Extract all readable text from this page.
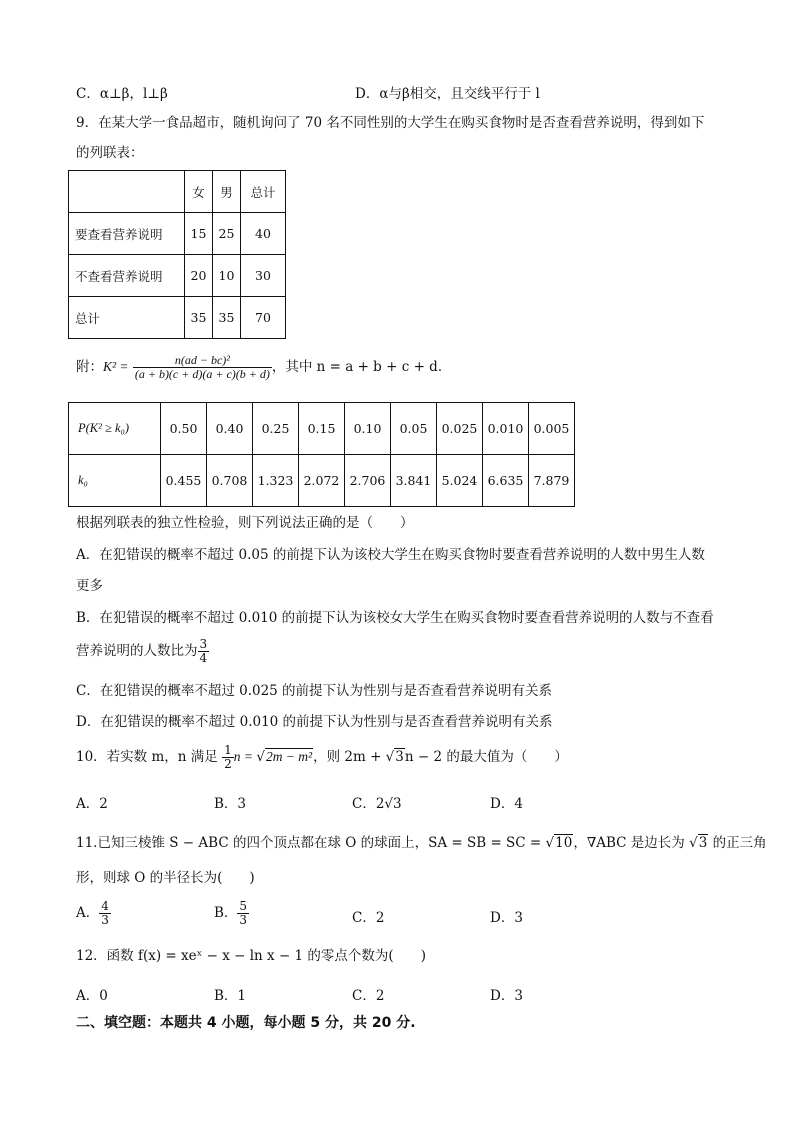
C．α⊥β，l⊥β	D．α与β相交，且交线平行于 l
9．在某大学一食品超市，随机询问了 70 名不同性别的大学生在购买食物时是否查看营养说明，得到如下
的列联表：
	女	男	总计
要查看营养说明	15	25	40
不查看营养说明	20	10	30
总计	35	35	70
附：$K^2 = \frac{\text{n(ad − bc)²}}{(a + b)(c + d)(a + c)(b + d)}$ ，其中 n = a + b + c + d．
P(K² ≥ k₀)	0.50	0.40	0.25	0.15	0.10	0.05	0.025	0.010	0.005
k₀	0.455	0.708	1.323	2.072	2.706	3.841	5.024	6.635	7.879
根据列联表的独立性检验，则下列说法正确的是（　　）
A．在犯错误的概率不超过 0.05 的前提下认为该校大学生在购买食物时要查看营养说明的人数中男生人数
更多
B．在犯错误的概率不超过 0.010 的前提下认为该校女大学生在购买食物时要查看营养说明的人数与不查看
营养说明的人数比为 $\frac{3}{4}$
C．在犯错误的概率不超过 0.025 的前提下认为性别与是否查看营养说明有关系
D．在犯错误的概率不超过 0.010 的前提下认为性别与是否查看营养说明有关系
10．若实数 m，n 满足 $\frac{1}{2}$ n = √2m − m²，则 2m + √3n − 2 的最大值为（　　）
A．2	B．3	C．2√3	D．4
11.已知三棱锥 S − ABC 的四个顶点都在球 O 的球面上，SA = SB = SC = √10，∇ABC 是边长为 √3 的正三角
形，则球 O 的半径长为(　　)
A． $\frac{4}{3}$	B． $\frac{5}{3}$	C．2	D．3
12．函数 f(x) = xeˣ − x − ln x − 1 的零点个数为(　　)
A．0	B．1	C．2	D．3
二、填空题：本题共 4 小题，每小题 5 分，共 20 分.
